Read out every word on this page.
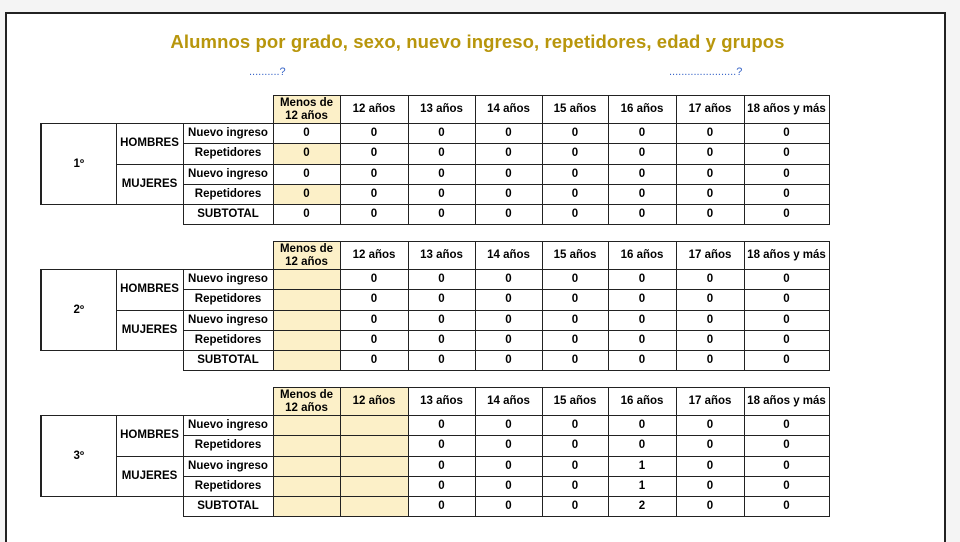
Alumnos por grado, sexo, nuevo ingreso, repetidores, edad y grupos
..........?	......................?
			Menos de 12 años	12 años	13 años	14 años	15 años	16 años	17 años	18 años y más	
1º	HOMBRES	Nuevo ingreso	0	0	0	0	0	0	0	0	
		Repetidores	0	0	0	0	0	0	0	0	
	MUJERES	Nuevo ingreso	0	0	0	0	0	0	0	0	
		Repetidores	0	0	0	0	0	0	0	0	
		SUBTOTAL	0	0	0	0	0	0	0	0	
			Menos de 12 años	12 años	13 años	14 años	15 años	16 años	17 años	18 años y más	
2º	HOMBRES	Nuevo ingreso		0	0	0	0	0	0	0	
		Repetidores		0	0	0	0	0	0	0	
	MUJERES	Nuevo ingreso		0	0	0	0	0	0	0	
		Repetidores		0	0	0	0	0	0	0	
		SUBTOTAL		0	0	0	0	0	0	0	
			Menos de 12 años	12 años	13 años	14 años	15 años	16 años	17 años	18 años y más	
3º	HOMBRES	Nuevo ingreso			0	0	0	0	0	0	
		Repetidores			0	0	0	0	0	0	
	MUJERES	Nuevo ingreso			0	0	0	1	0	0	
		Repetidores			0	0	0	1	0	0	
		SUBTOTAL			0	0	0	2	0	0	
